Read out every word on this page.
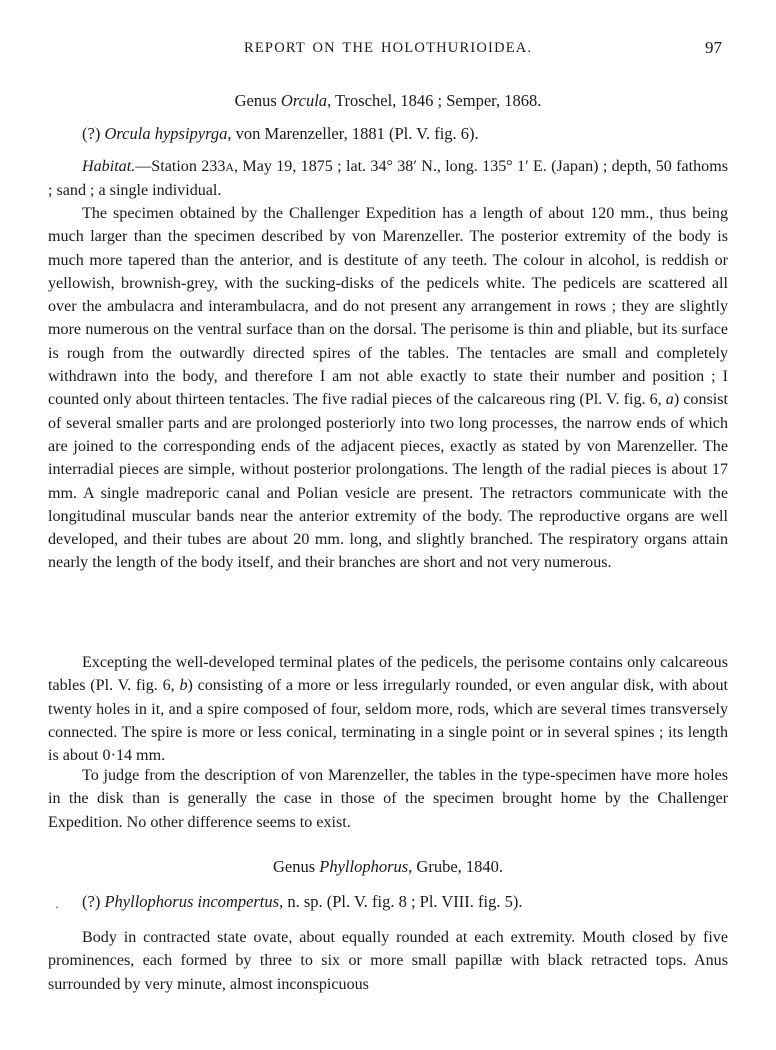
REPORT ON THE HOLOTHURIOIDEA.	97
Genus Orcula, Troschel, 1846 ; Semper, 1868.
(?) Orcula hypsipyrga, von Marenzeller, 1881 (Pl. V. fig. 6).

Habitat.—Station 233A, May 19, 1875 ; lat. 34° 38′ N., long. 135° 1′ E. (Japan) ; depth, 50 fathoms ; sand ; a single individual.

The specimen obtained by the Challenger Expedition has a length of about 120 mm., thus being much larger than the specimen described by von Marenzeller. The posterior extremity of the body is much more tapered than the anterior, and is destitute of any teeth. The colour in alcohol, is reddish or yellowish, brownish-grey, with the sucking-disks of the pedicels white. The pedicels are scattered all over the ambulacra and interambulacra, and do not present any arrangement in rows ; they are slightly more numerous on the ventral surface than on the dorsal. The perisome is thin and pliable, but its surface is rough from the outwardly directed spires of the tables. The tentacles are small and completely withdrawn into the body, and therefore I am not able exactly to state their number and position ; I counted only about thirteen tentacles. The five radial pieces of the calcareous ring (Pl. V. fig. 6, a) consist of several smaller parts and are prolonged posteriorly into two long processes, the narrow ends of which are joined to the corresponding ends of the adjacent pieces, exactly as stated by von Marenzeller. The interradial pieces are simple, without posterior prolongations. The length of the radial pieces is about 17 mm. A single madreporic canal and Polian vesicle are present. The retractors communicate with the longitudinal muscular bands near the anterior extremity of the body. The reproductive organs are well developed, and their tubes are about 20 mm. long, and slightly branched. The respiratory organs attain nearly the length of the body itself, and their branches are short and not very numerous.

Excepting the well-developed terminal plates of the pedicels, the perisome contains only calcareous tables (Pl. V. fig. 6, b) consisting of a more or less irregularly rounded, or even angular disk, with about twenty holes in it, and a spire composed of four, seldom more, rods, which are several times transversely connected. The spire is more or less conical, terminating in a single point or in several spines ; its length is about 0·14 mm.

To judge from the description of von Marenzeller, the tables in the type-specimen have more holes in the disk than is generally the case in those of the specimen brought home by the Challenger Expedition. No other difference seems to exist.

Genus Phyllophorus, Grube, 1840.
· (?) Phyllophorus incompertus, n. sp. (Pl. V. fig. 8 ; Pl. VIII. fig. 5).

Body in contracted state ovate, about equally rounded at each extremity. Mouth closed by five prominences, each formed by three to six or more small papillæ with black retracted tops. Anus surrounded by very minute, almost inconspicuous
